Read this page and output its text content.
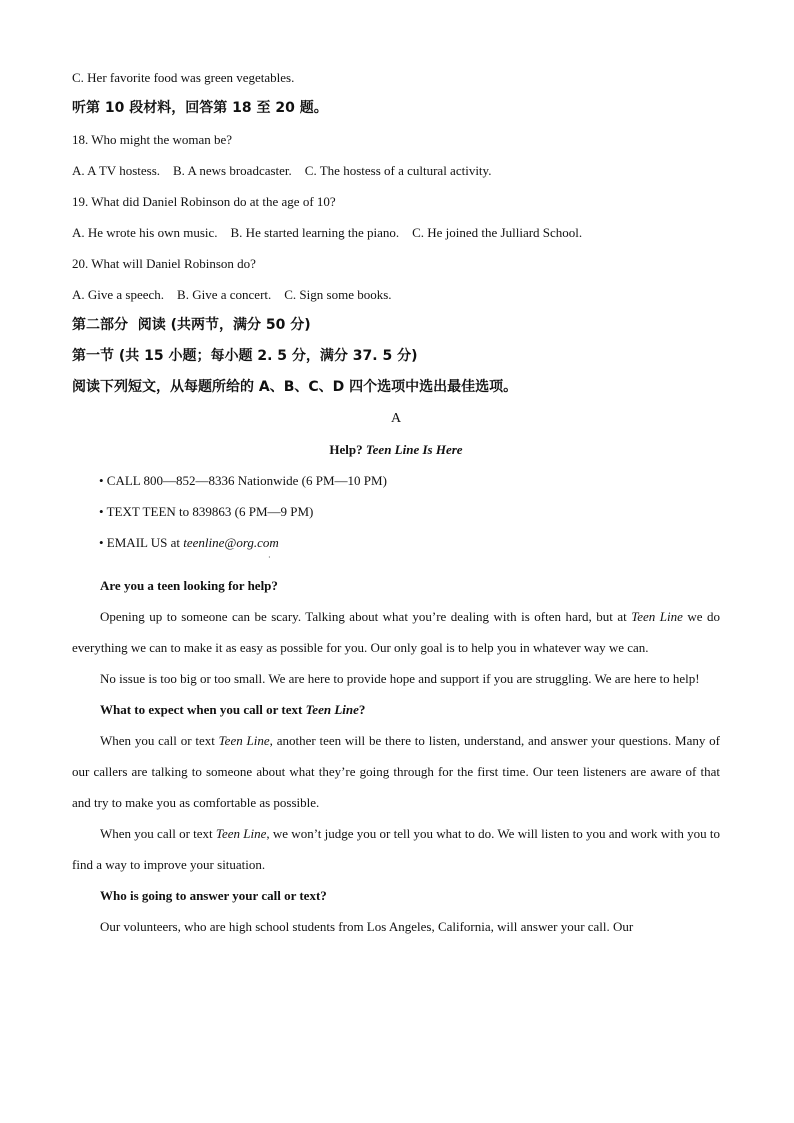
C. Her favorite food was green vegetables.
听第 10 段材料，回答第 18 至 20 题。
18. Who might the woman be?
A. A TV hostess.    B. A news broadcaster.    C. The hostess of a cultural activity.
19. What did Daniel Robinson do at the age of 10?
A. He wrote his own music.    B. He started learning the piano.    C. He joined the Julliard School.
20. What will Daniel Robinson do?
A. Give a speech.    B. Give a concert.    C. Sign some books.
第二部分  阅读 (共两节，满分 50 分)
第一节 (共 15 小题；每小题 2. 5 分，满分 37. 5 分)
阅读下列短文，从每题所给的 A、B、C、D 四个选项中选出最佳选项。
A
Help? Teen Line Is Here
• CALL 800—852—8336 Nationwide (6 PM—10 PM)
• TEXT TEEN to 839863 (6 PM—9 PM)
• EMAIL US at teenline@org.com
·
Are you a teen looking for help?

Opening up to someone can be scary. Talking about what you’re dealing with is often hard, but at Teen Line we do everything we can to make it as easy as possible for you. Our only goal is to help you in whatever way we can.

No issue is too big or too small. We are here to provide hope and support if you are struggling. We are here to help!

What to expect when you call or text Teen Line?

When you call or text Teen Line, another teen will be there to listen, understand, and answer your questions. Many of our callers are talking to someone about what they’re going through for the first time. Our teen listeners are aware of that and try to make you as comfortable as possible.

When you call or text Teen Line, we won’t judge you or tell you what to do. We will listen to you and work with you to find a way to improve your situation.

Who is going to answer your call or text?

Our volunteers, who are high school students from Los Angeles, California, will answer your call. Our
